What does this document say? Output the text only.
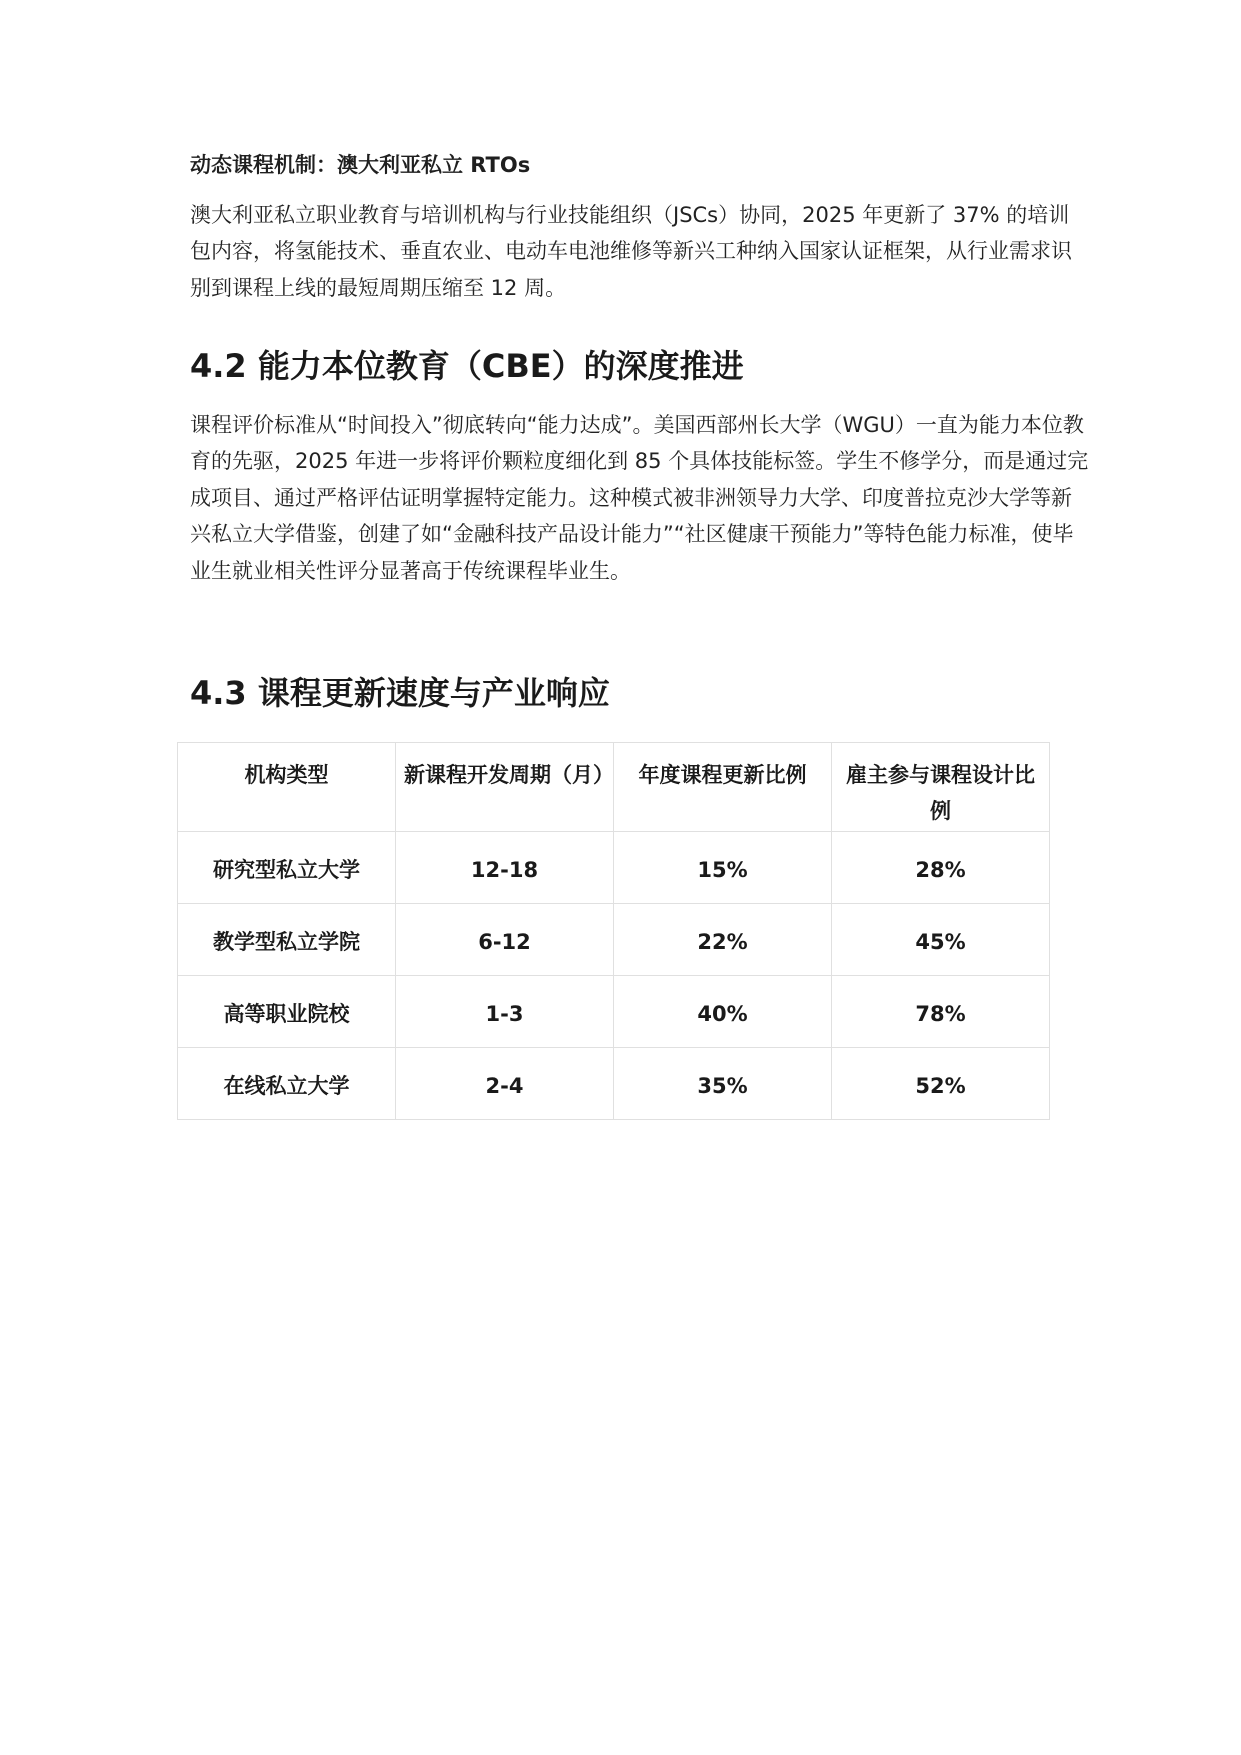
动态课程机制：澳大利亚私立 RTOs

澳大利亚私立职业教育与培训机构与行业技能组织（JSCs）协同，2025 年更新了 37% 的培训包内容，将氢能技术、垂直农业、电动车电池维修等新兴工种纳入国家认证框架，从行业需求识别到课程上线的最短周期压缩至 12 周。

4.2 能力本位教育（CBE）的深度推进

课程评价标准从“时间投入”彻底转向“能力达成”。美国西部州长大学（WGU）一直为能力本位教育的先驱，2025 年进一步将评价颗粒度细化到 85 个具体技能标签。学生不修学分，而是通过完成项目、通过严格评估证明掌握特定能力。这种模式被非洲领导力大学、印度普拉克沙大学等新兴私立大学借鉴，创建了如“金融科技产品设计能力”“社区健康干预能力”等特色能力标准，使毕业生就业相关性评分显著高于传统课程毕业生。

4.3 课程更新速度与产业响应
机构类型	新课程开发周期（月）	年度课程更新比例	雇主参与课程设计比例
研究型私立大学	12-18	15%	28%
教学型私立学院	6-12	22%	45%
高等职业院校	1-3	40%	78%
在线私立大学	2-4	35%	52%
